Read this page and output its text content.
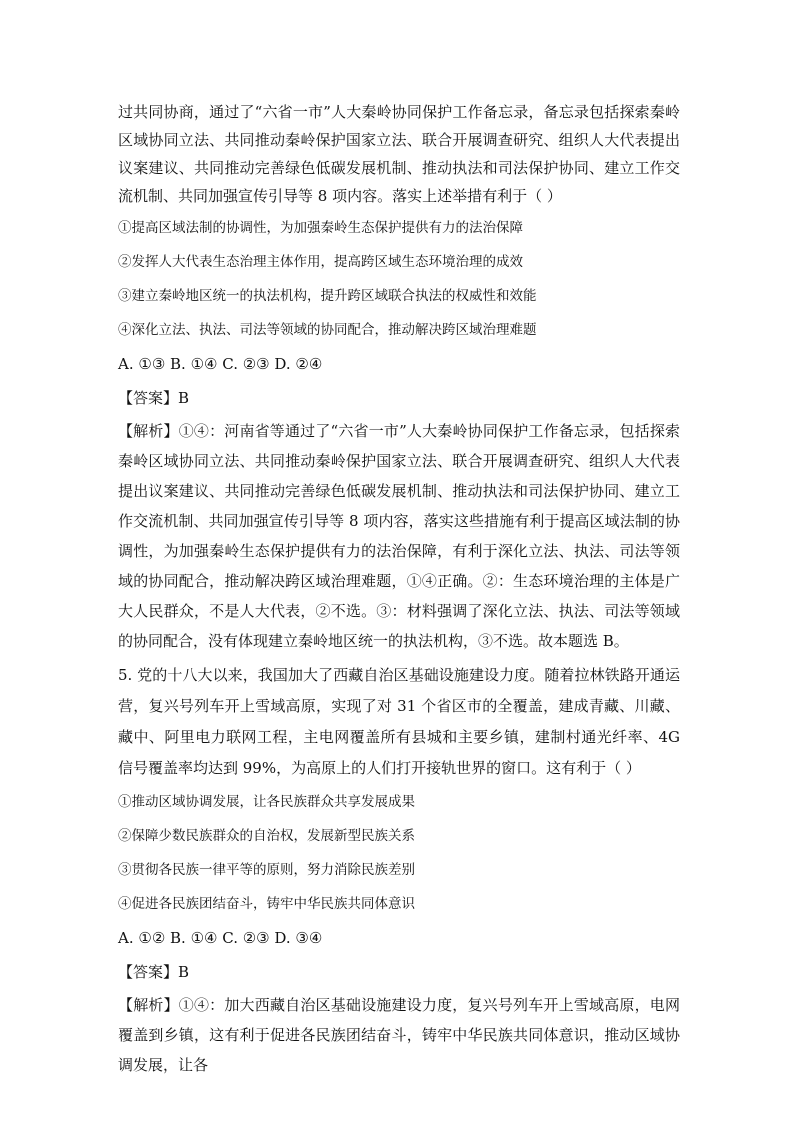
过共同协商，通过了“六省一市”人大秦岭协同保护工作备忘录，备忘录包括探索秦岭区域协同立法、共同推动秦岭保护国家立法、联合开展调查研究、组织人大代表提出议案建议、共同推动完善绿色低碳发展机制、推动执法和司法保护协同、建立工作交流机制、共同加强宣传引导等 8 项内容。落实上述举措有利于（ ）

①提高区域法制的协调性，为加强秦岭生态保护提供有力的法治保障
②发挥人大代表生态治理主体作用，提高跨区域生态环境治理的成效
③建立秦岭地区统一的执法机构，提升跨区域联合执法的权威性和效能
④深化立法、执法、司法等领域的协同配合，推动解决跨区域治理难题
A. ①③ B. ①④ C. ②③ D. ②④
【答案】B

【解析】①④：河南省等通过了“六省一市”人大秦岭协同保护工作备忘录，包括探索秦岭区域协同立法、共同推动秦岭保护国家立法、联合开展调查研究、组织人大代表提出议案建议、共同推动完善绿色低碳发展机制、推动执法和司法保护协同、建立工作交流机制、共同加强宣传引导等 8 项内容，落实这些措施有利于提高区域法制的协调性，为加强秦岭生态保护提供有力的法治保障，有利于深化立法、执法、司法等领域的协同配合，推动解决跨区域治理难题，①④正确。②：生态环境治理的主体是广大人民群众，不是人大代表，②不选。③：材料强调了深化立法、执法、司法等领域的协同配合，没有体现建立秦岭地区统一的执法机构，③不选。故本题选 B。

5. 党的十八大以来，我国加大了西藏自治区基础设施建设力度。随着拉林铁路开通运营，复兴号列车开上雪域高原，实现了对 31 个省区市的全覆盖，建成青藏、川藏、藏中、阿里电力联网工程，主电网覆盖所有县城和主要乡镇，建制村通光纤率、4G 信号覆盖率均达到 99%，为高原上的人们打开接轨世界的窗口。这有利于（ ）

①推动区域协调发展，让各民族群众共享发展成果
②保障少数民族群众的自治权，发展新型民族关系
③贯彻各民族一律平等的原则，努力消除民族差别
④促进各民族团结奋斗，铸牢中华民族共同体意识
A. ①② B. ①④ C. ②③ D. ③④
【答案】B

【解析】①④：加大西藏自治区基础设施建设力度，复兴号列车开上雪域高原，电网覆盖到乡镇，这有利于促进各民族团结奋斗，铸牢中华民族共同体意识，推动区域协调发展，让各
